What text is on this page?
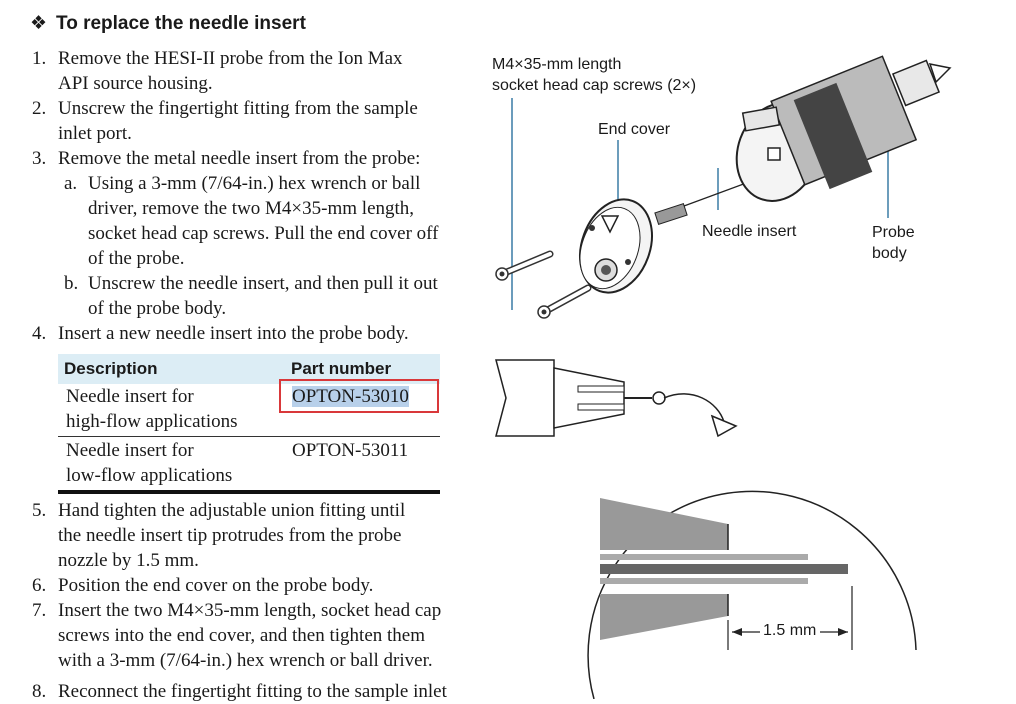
❖ To replace the needle insert
1. Remove the HESI-II probe from the Ion Max
API source housing.
2. Unscrew the fingertight fitting from the sample
inlet port.
3. Remove the metal needle insert from the probe:
a. Using a 3-mm (7/64-in.) hex wrench or ball
driver, remove the two M4×35-mm length,
socket head cap screws. Pull the end cover off
of the probe.
b. Unscrew the needle insert, and then pull it out
of the probe body.
4. Insert a new needle insert into the probe body.
5. Hand tighten the adjustable union fitting until
the needle insert tip protrudes from the probe
nozzle by 1.5 mm.
6. Position the end cover on the probe body.
7. Insert the two M4×35-mm length, socket head cap
screws into the end cover, and then tighten them
with a 3-mm (7/64-in.) hex wrench or ball driver.
8. Reconnect the fingertight fitting to the sample inlet
Description	Part number
Needle insert for
high-flow applications
OPTON-53010
Needle insert for
low-flow applications
OPTON-53011
M4×35-mm length
socket head cap screws (2×)
End cover
Needle insert	Probe
body
1.5 mm
